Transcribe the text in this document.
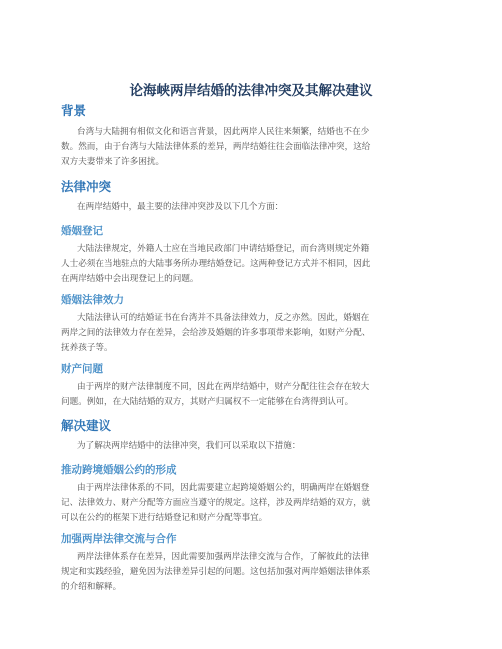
论海峡两岸结婚的法律冲突及其解决建议
背景
台湾与大陆拥有相似文化和语言背景，因此两岸人民往来频繁，结婚也不在少
数。然而，由于台湾与大陆法律体系的差异，两岸结婚往往会面临法律冲突，这给
双方夫妻带来了许多困扰。
法律冲突
在两岸结婚中，最主要的法律冲突涉及以下几个方面：
婚姻登记
大陆法律规定，外籍人士应在当地民政部门申请结婚登记，而台湾则规定外籍
人士必须在当地驻点的大陆事务所办理结婚登记。这两种登记方式并不相同，因此
在两岸结婚中会出现登记上的问题。
婚姻法律效力
大陆法律认可的结婚证书在台湾并不具备法律效力，反之亦然。因此，婚姻在
两岸之间的法律效力存在差异，会给涉及婚姻的许多事项带来影响，如财产分配、
抚养孩子等。
财产问题
由于两岸的财产法律制度不同，因此在两岸结婚中，财产分配往往会存在较大
问题。例如，在大陆结婚的双方，其财产归属权不一定能够在台湾得到认可。
解决建议
为了解决两岸结婚中的法律冲突，我们可以采取以下措施：
推动跨境婚姻公约的形成
由于两岸法律体系的不同，因此需要建立起跨境婚姻公约，明确两岸在婚姻登
记、法律效力、财产分配等方面应当遵守的规定。这样，涉及两岸结婚的双方，就
可以在公约的框架下进行结婚登记和财产分配等事宜。
加强两岸法律交流与合作
两岸法律体系存在差异，因此需要加强两岸法律交流与合作，了解彼此的法律
规定和实践经验，避免因为法律差异引起的问题。这包括加强对两岸婚姻法律体系
的介绍和解释。
